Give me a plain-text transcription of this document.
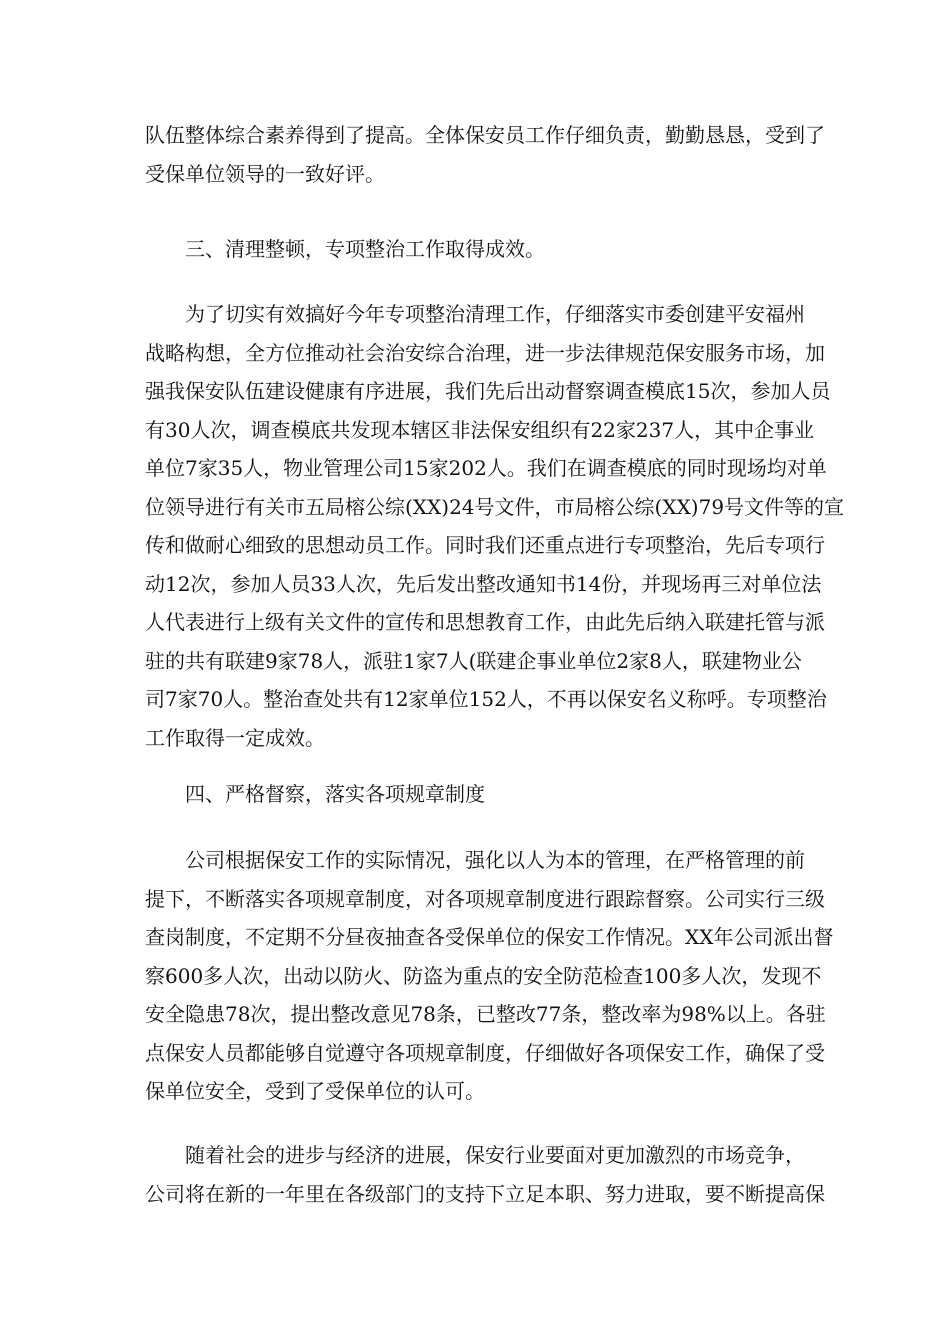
队伍整体综合素养得到了提高。全体保安员工作仔细负责，勤勤恳恳，受到了
受保单位领导的一致好评。
　　三、清理整顿，专项整治工作取得成效。
　　为了切实有效搞好今年专项整治清理工作，仔细落实市委创建平安福州
战略构想，全方位推动社会治安综合治理，进一步法律规范保安服务市场，加
强我保安队伍建设健康有序进展，我们先后出动督察调查模底15次，参加人员
有30人次，调查模底共发现本辖区非法保安组织有22家237人，其中企事业
单位7家35人，物业管理公司15家202人。我们在调查模底的同时现场均对单
位领导进行有关市五局榕公综(XX)24号文件，市局榕公综(XX)79号文件等的宣
传和做耐心细致的思想动员工作。同时我们还重点进行专项整治，先后专项行
动12次，参加人员33人次，先后发出整改通知书14份，并现场再三对单位法
人代表进行上级有关文件的宣传和思想教育工作，由此先后纳入联建托管与派
驻的共有联建9家78人，派驻1家7人(联建企事业单位2家8人，联建物业公
司7家70人。整治查处共有12家单位152人，不再以保安名义称呼。专项整治
工作取得一定成效。
　　四、严格督察，落实各项规章制度
　　公司根据保安工作的实际情况，强化以人为本的管理，在严格管理的前
提下，不断落实各项规章制度，对各项规章制度进行跟踪督察。公司实行三级
查岗制度，不定期不分昼夜抽查各受保单位的保安工作情况。XX年公司派出督
察600多人次，出动以防火、防盗为重点的安全防范检查100多人次，发现不
安全隐患78次，提出整改意见78条，已整改77条，整改率为98%以上。各驻
点保安人员都能够自觉遵守各项规章制度，仔细做好各项保安工作，确保了受
保单位安全，受到了受保单位的认可。
　　随着社会的进步与经济的进展，保安行业要面对更加激烈的市场竞争，
公司将在新的一年里在各级部门的支持下立足本职、努力进取，要不断提高保
